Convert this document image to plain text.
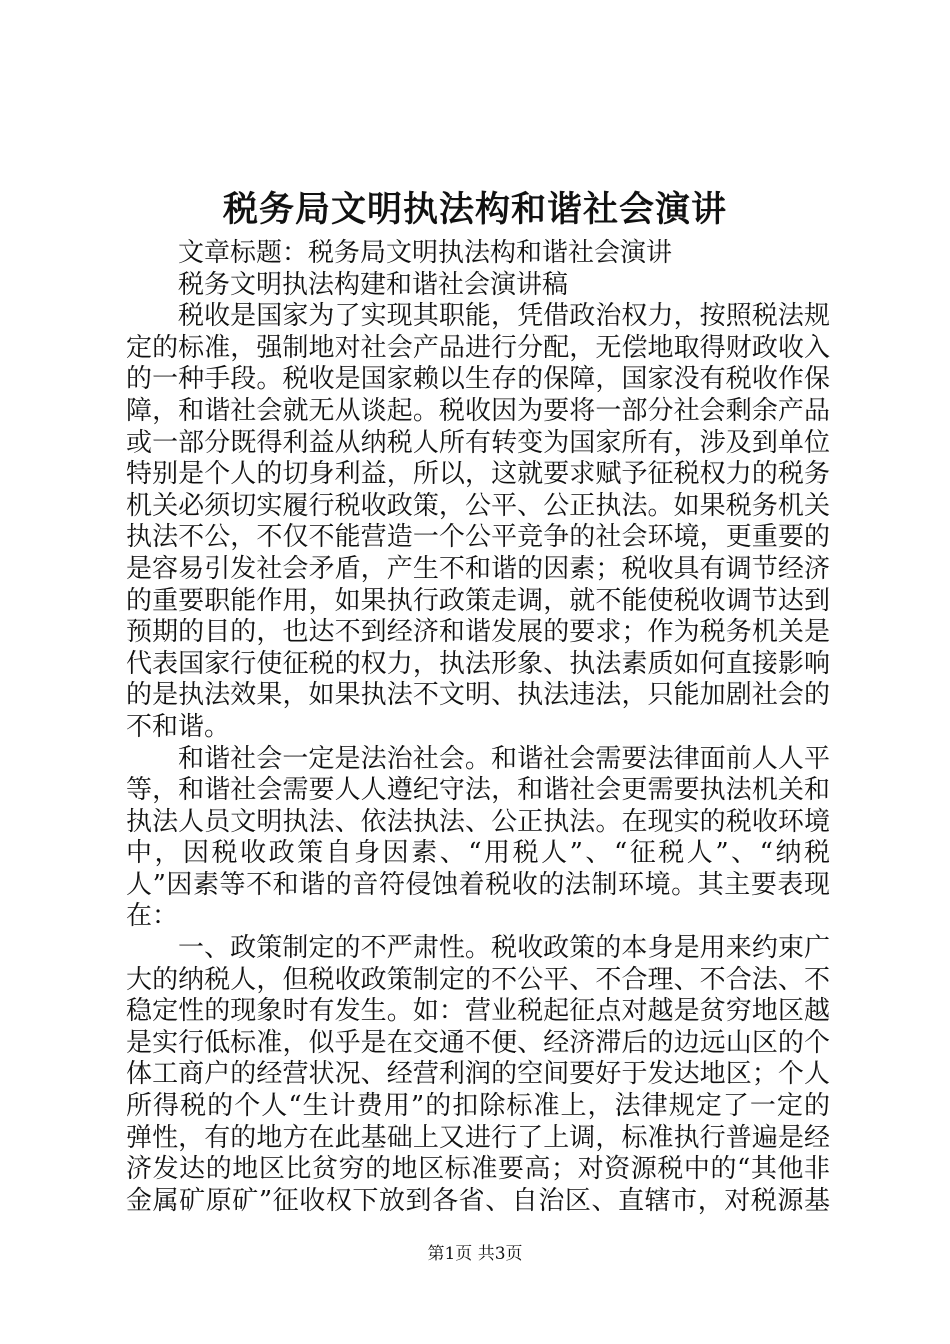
税务局文明执法构和谐社会演讲
文章标题：税务局文明执法构和谐社会演讲
税务文明执法构建和谐社会演讲稿
税收是国家为了实现其职能，凭借政治权力，按照税法规
定的标准，强制地对社会产品进行分配，无偿地取得财政收入
的一种手段。税收是国家赖以生存的保障，国家没有税收作保
障，和谐社会就无从谈起。税收因为要将一部分社会剩余产品
或一部分既得利益从纳税人所有转变为国家所有，涉及到单位
特别是个人的切身利益，所以，这就要求赋予征税权力的税务
机关必须切实履行税收政策，公平、公正执法。如果税务机关
执法不公，不仅不能营造一个公平竞争的社会环境，更重要的
是容易引发社会矛盾，产生不和谐的因素；税收具有调节经济
的重要职能作用，如果执行政策走调，就不能使税收调节达到
预期的目的，也达不到经济和谐发展的要求；作为税务机关是
代表国家行使征税的权力，执法形象、执法素质如何直接影响
的是执法效果，如果执法不文明、执法违法，只能加剧社会的
不和谐。
和谐社会一定是法治社会。和谐社会需要法律面前人人平
等，和谐社会需要人人遵纪守法，和谐社会更需要执法机关和
执法人员文明执法、依法执法、公正执法。在现实的税收环境
中，因税收政策自身因素、“用税人”、“征税人”、“纳税
人”因素等不和谐的音符侵蚀着税收的法制环境。其主要表现
在：
一、政策制定的不严肃性。税收政策的本身是用来约束广
大的纳税人，但税收政策制定的不公平、不合理、不合法、不
稳定性的现象时有发生。如：营业税起征点对越是贫穷地区越
是实行低标准，似乎是在交通不便、经济滞后的边远山区的个
体工商户的经营状况、经营利润的空间要好于发达地区；个人
所得税的个人“生计费用”的扣除标准上，法律规定了一定的
弹性，有的地方在此基础上又进行了上调，标准执行普遍是经
济发达的地区比贫穷的地区标准要高；对资源税中的“其他非
金属矿原矿”征收权下放到各省、自治区、直辖市，对税源基
第1页 共3页
